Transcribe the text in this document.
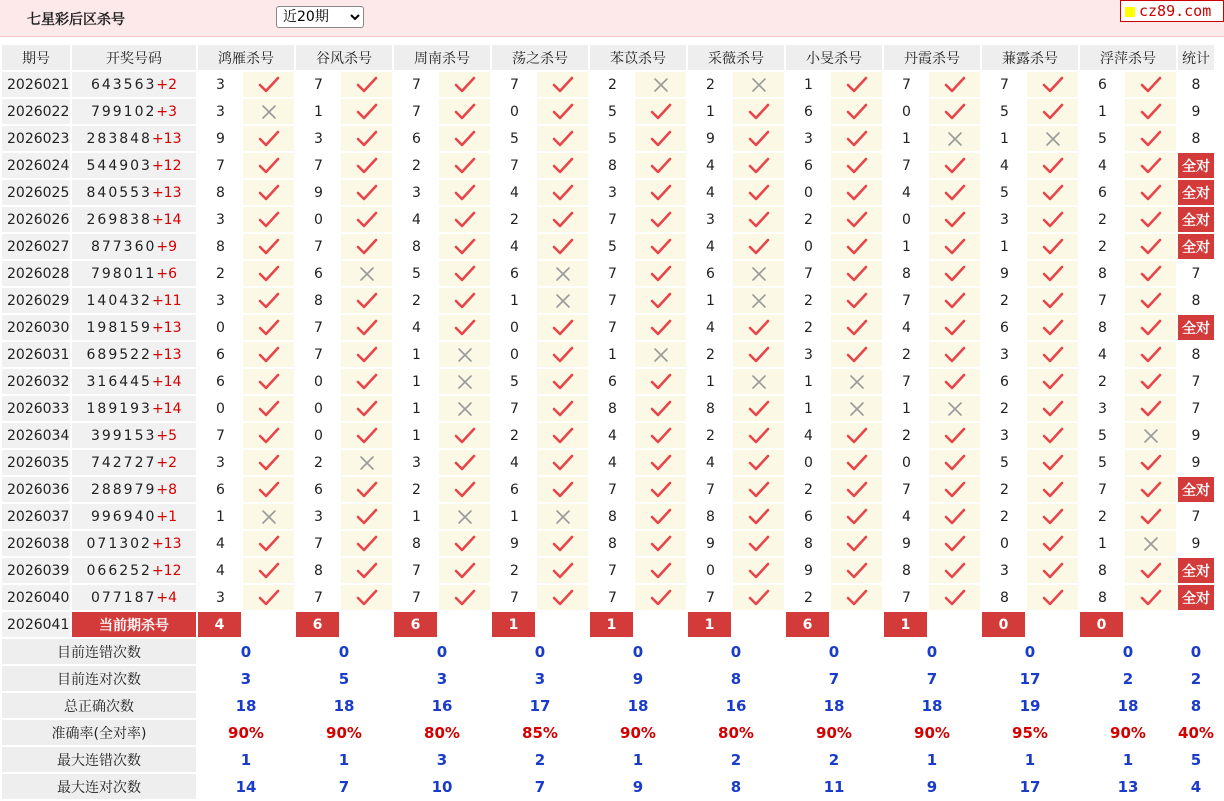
七星彩后区杀号
近20期	cz89.com
期号	开奖号码	鸿雁杀号		谷风杀号		周南杀号		荡之杀号		苯苡杀号		采薇杀号		小旻杀号		丹霞杀号		蒹露杀号		浮萍杀号		统计
2026021	643563+2	3		7		7		7		2		2		1		7		7		6		8
2026022	799102+3	3		1		7		0		5		1		6		0		5		1		9
2026023	283848+13	9		3		6		5		5		9		3		1		1		5		8
2026024	544903+12	7		7		2		7		8		4		6		7		4		4		全对
2026025	840553+13	8		9		3		4		3		4		0		4		5		6		全对
2026026	269838+14	3		0		4		2		7		3		2		0		3		2		全对
2026027	877360+9	8		7		8		4		5		4		0		1		1		2		全对
2026028	798011+6	2		6		5		6		7		6		7		8		9		8		7
2026029	140432+11	3		8		2		1		7		1		2		7		2		7		8
2026030	198159+13	0		7		4		0		7		4		2		4		6		8		全对
2026031	689522+13	6		7		1		0		1		2		3		2		3		4		8
2026032	316445+14	6		0		1		5		6		1		1		7		6		2		7
2026033	189193+14	0		0		1		7		8		8		1		1		2		3		7
2026034	399153+5	7		0		1		2		4		2		4		2		3		5		9
2026035	742727+2	3		2		3		4		4		4		0		0		5		5		9
2026036	288979+8	6		6		2		6		7		7		2		7		2		7		全对
2026037	996940+1	1		3		1		1		8		8		6		4		2		2		7
2026038	071302+13	4		7		8		9		8		9		8		9		0		1		9
2026039	066252+12	4		8		7		2		7		0		9		8		3		8		全对
2026040	077187+4	3		7		7		7		7		7		2		7		8		8		全对
2026041	当前期杀号	4		6		6		1		1		1		6		1		0		0		
目前连错次数		0		0		0		0		0		0		0		0		0		0		0
目前连对次数		3		5		3		3		9		8		7		7		17		2		2
总正确次数		18		18		16		17		18		16		18		18		19		18		8
准确率(全对率)		90%		90%		80%		85%		90%		80%		90%		90%		95%		90%		40%
最大连错次数		1		1		3		2		1		2		2		1		1		1		5
最大连对次数		14		7		10		7		9		8		11		9		17		13		4
